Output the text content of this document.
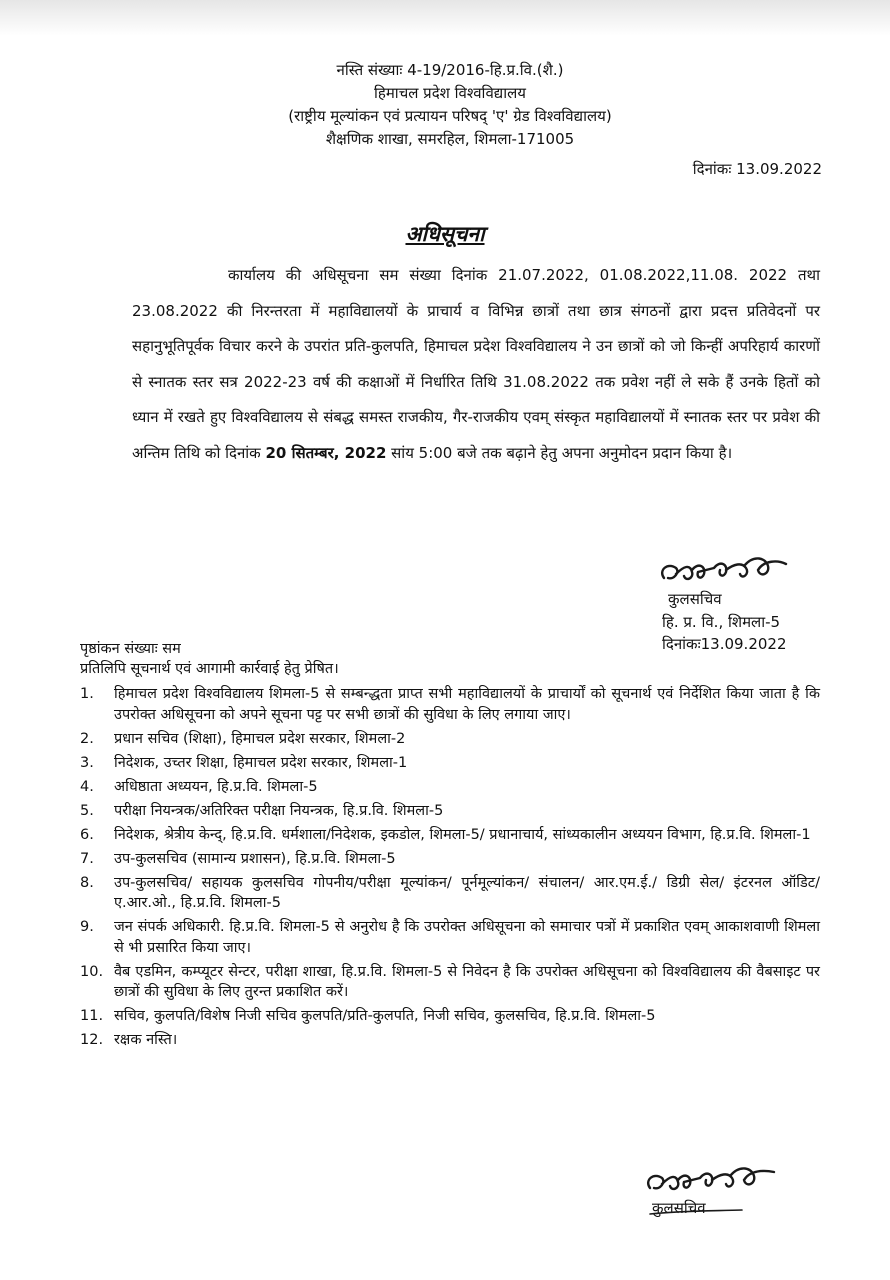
नस्ति संख्याः 4-19/2016-हि.प्र.वि.(शै.)
हिमाचल प्रदेश विश्वविद्यालय
(राष्ट्रीय मूल्यांकन एवं प्रत्यायन परिषद् 'ए' ग्रेड विश्वविद्यालय)
शैक्षणिक शाखा, समरहिल, शिमला-171005
दिनांकः 13.09.2022
अधिसूचना
कार्यालय की अधिसूचना सम संख्या दिनांक 21.07.2022, 01.08.2022,11.08. 2022 तथा 23.08.2022 की निरन्तरता में महाविद्यालयों के प्राचार्य व विभिन्न छात्रों तथा छात्र संगठनों द्वारा प्रदत्त प्रतिवेदनों पर सहानुभूतिपूर्वक विचार करने के उपरांत प्रति-कुलपति, हिमाचल प्रदेश विश्वविद्यालय ने उन छात्रों को जो किन्हीं अपरिहार्य कारणों से स्नातक स्तर सत्र 2022-23 वर्ष की कक्षाओं में निर्धारित तिथि 31.08.2022 तक प्रवेश नहीं ले सके हैं उनके हितों को ध्यान में रखते हुए विश्वविद्यालय से संबद्ध समस्त राजकीय, गैर-राजकीय एवम् संस्कृत महाविद्यालयों में स्नातक स्तर पर प्रवेश की अन्तिम तिथि को दिनांक 20 सितम्बर, 2022 सांय 5:00 बजे तक बढ़ाने हेतु अपना अनुमोदन प्रदान किया है।
कुलसचिव
हि. प्र. वि., शिमला-5
दिनांकः13.09.2022
पृष्ठांकन संख्याः सम
प्रतिलिपि सूचनार्थ एवं आगामी कार्रवाई हेतु प्रेषित।
1.	हिमाचल प्रदेश विश्वविद्यालय शिमला-5 से सम्बन्द्धता प्राप्त सभी महाविद्यालयों के प्राचार्यों को सूचनार्थ एवं निर्देशित किया जाता है कि उपरोक्त अधिसूचना को अपने सूचना पट्ट पर सभी छात्रों की सुविधा के लिए लगाया जाए।
2.	प्रधान सचिव (शिक्षा), हिमाचल प्रदेश सरकार, शिमला-2
3.	निदेशक, उच्तर शिक्षा, हिमाचल प्रदेश सरकार, शिमला-1
4.	अधिष्ठाता अध्ययन, हि.प्र.वि. शिमला-5
5.	परीक्षा नियन्त्रक/अतिरिक्त परीक्षा नियन्त्रक, हि.प्र.वि. शिमला-5
6.	निदेशक, श्रेत्रीय केन्द्, हि.प्र.वि. धर्मशाला/निदेशक, इकडोल, शिमला-5/ प्रधानाचार्य, सांध्यकालीन अध्ययन विभाग, हि.प्र.वि. शिमला-1
7.	उप-कुलसचिव (सामान्य प्रशासन), हि.प्र.वि. शिमला-5
8.	उप-कुलसचिव/ सहायक कुलसचिव गोपनीय/परीक्षा मूल्यांकन/ पूर्नमूल्यांकन/ संचालन/ आर.एम.ई./ डिग्री सेल/ इंटरनल ऑडिट/ ए.आर.ओ., हि.प्र.वि. शिमला-5
9.	जन संपर्क अधिकारी. हि.प्र.वि. शिमला-5 से अनुरोध है कि उपरोक्त अधिसूचना को समाचार पत्रों में प्रकाशित एवम् आकाशवाणी शिमला से भी प्रसारित किया जाए।
10. वैब एडमिन, कम्प्यूटर सेन्टर, परीक्षा शाखा, हि.प्र.वि. शिमला-5 से निवेदन है कि उपरोक्त अधिसूचना को विश्वविद्यालय की वैबसाइट पर छात्रों की सुविधा के लिए तुरन्त प्रकाशित करें।
11. सचिव, कुलपति/विशेष निजी सचिव कुलपति/प्रति-कुलपति, निजी सचिव, कुलसचिव, हि.प्र.वि. शिमला-5
12. रक्षक नस्ति।
कुलसचिव
